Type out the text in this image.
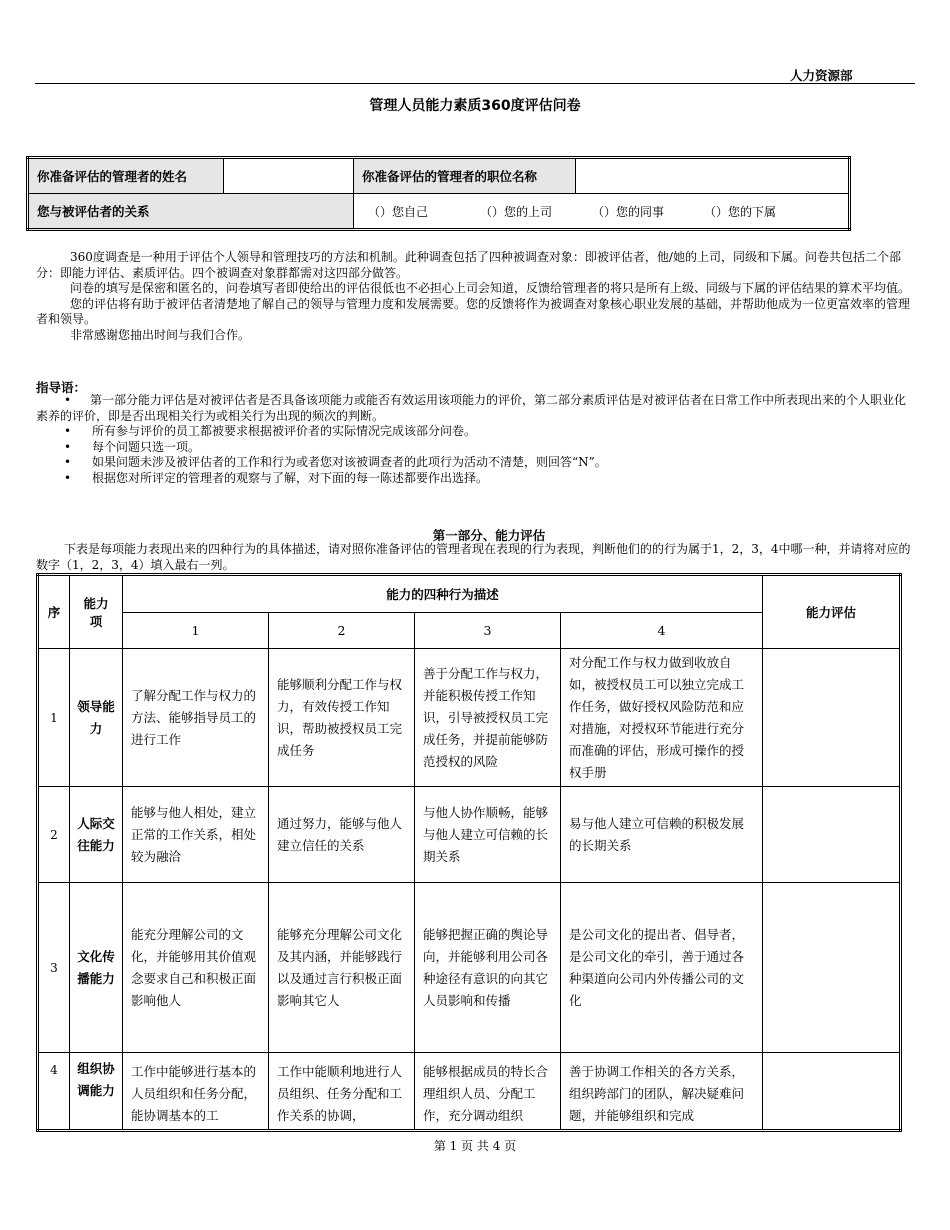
人力资源部
管理人员能力素质360度评估问卷
你准备评估的管理者的姓名		你准备评估的管理者的职位名称	
您与被评估者的关系		（）您自己 （）您的上司 （）您的同事 （）您的下属	

360度调查是一种用于评估个人领导和管理技巧的方法和机制。此种调查包括了四种被调查对象：即被评估者，他/她的上司，同级和下属。问卷共包括二个部分：即能力评估、素质评估。四个被调查对象群都需对这四部分做答。

问卷的填写是保密和匿名的，问卷填写者即使给出的评估很低也不必担心上司会知道，反馈给管理者的将只是所有上级、同级与下属的评估结果的算术平均值。

您的评估将有助于被评估者清楚地了解自己的领导与管理力度和发展需要。您的反馈将作为被调查对象核心职业发展的基础，并帮助他成为一位更富效率的管理者和领导。

非常感谢您抽出时间与我们合作。

指导语：
• 第一部分能力评估是对被评估者是否具备该项能力或能否有效运用该项能力的评价，第二部分素质评估是对被评估者在日常工作中所表现出来的个人职业化素养的评价，即是否出现相关行为或相关行为出现的频次的判断。
• 所有参与评价的员工都被要求根据被评价者的实际情况完成该部分问卷。
• 每个问题只选一项。
• 如果问题未涉及被评估者的工作和行为或者您对该被调查者的此项行为活动不清楚，则回答“N”。
• 根据您对所评定的管理者的观察与了解，对下面的每一陈述都要作出选择。
第一部分、能力评估
下表是每项能力表现出来的四种行为的具体描述，请对照你准备评估的管理者现在表现的行为表现，判断他们的的行为属于1，2，3，4中哪一种，并请将对应的数字（1，2，3，4）填入最右一列。
序	能力项	能力的四种行为描述				能力评估
		1	2	3	4	
1	领导能力	了解分配工作与权力的方法、能够指导员工的进行工作	能够顺利分配工作与权力，有效传授工作知识，帮助被授权员工完成任务	善于分配工作与权力，并能积极传授工作知识，引导被授权员工完成任务，并提前能够防范授权的风险	对分配工作与权力做到收放自如，被授权员工可以独立完成工作任务，做好授权风险防范和应对措施，对授权环节能进行充分而准确的评估，形成可操作的授权手册	
2	人际交往能力	能够与他人相处，建立正常的工作关系，相处较为融洽	通过努力，能够与他人建立信任的关系	与他人协作顺畅，能够与他人建立可信赖的长期关系	易与他人建立可信赖的积极发展的长期关系	
3	文化传播能力	能充分理解公司的文化，并能够用其价值观念要求自己和积极正面影响他人	能够充分理解公司文化及其内涵，并能够践行以及通过言行积极正面影响其它人	能够把握正确的舆论导向，并能够利用公司各种途径有意识的向其它人员影响和传播	是公司文化的提出者、倡导者，是公司文化的牵引，善于通过各种渠道向公司内外传播公司的文化	
4	组织协调能力	工作中能够进行基本的人员组织和任务分配，能协调基本的工	工作中能顺利地进行人员组织、任务分配和工作关系的协调，	能够根据成员的特长合理组织人员、分配工作，充分调动组织	善于协调工作相关的各方关系，组织跨部门的团队，解决疑难问题，并能够组织和完成	
第 1 页 共 4 页
